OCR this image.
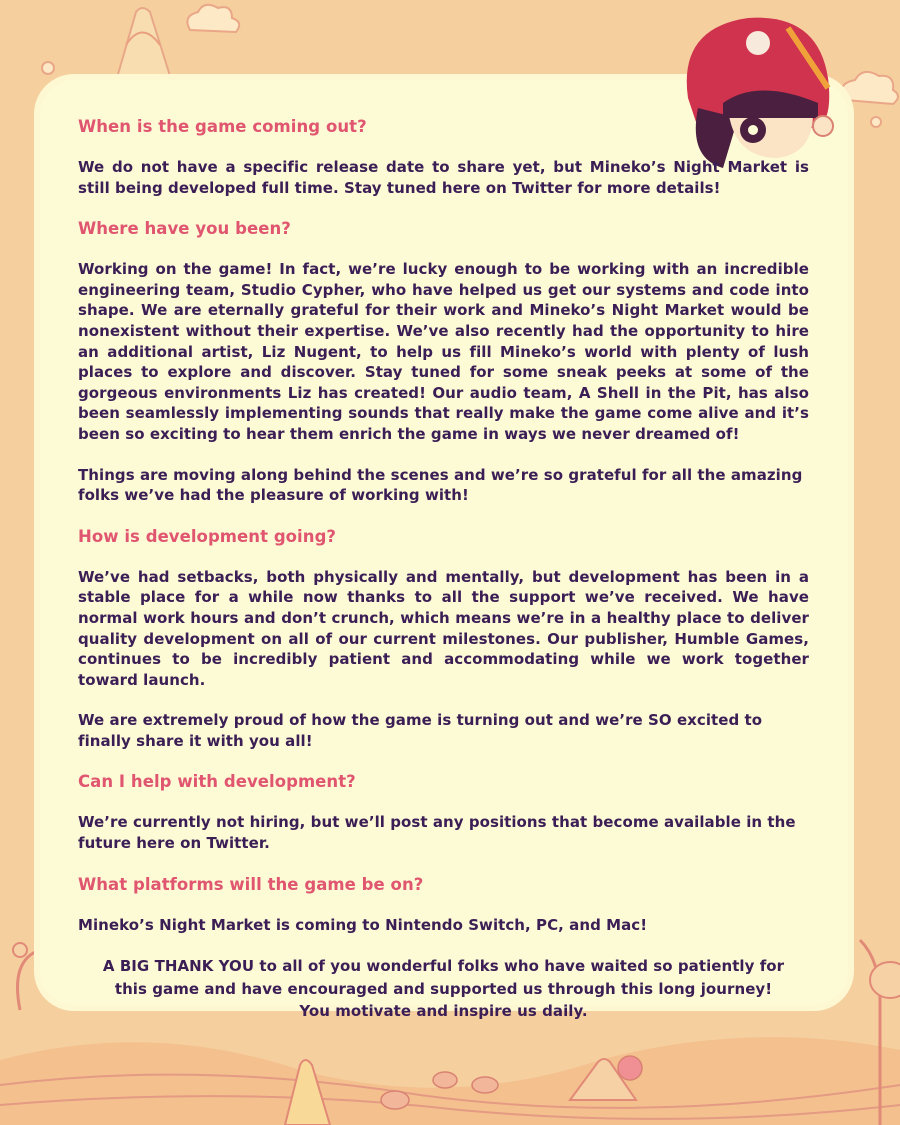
When is the game coming out?
We do not have a specific release date to share yet, but Mineko’s Night Market is still being developed full time. Stay tuned here on Twitter for more details!
Where have you been?
Working on the game! In fact, we’re lucky enough to be working with an incredible engineering team, Studio Cypher, who have helped us get our systems and code into shape. We are eternally grateful for their work and Mineko’s Night Market would be nonexistent without their expertise. We’ve also recently had the opportunity to hire an additional artist, Liz Nugent, to help us fill Mineko’s world with plenty of lush places to explore and discover. Stay tuned for some sneak peeks at some of the gorgeous environments Liz has created! Our audio team, A Shell in the Pit, has also been seamlessly implementing sounds that really make the game come alive and it’s been so exciting to hear them enrich the game in ways we never dreamed of!
Things are moving along behind the scenes and we’re so grateful for all the amazing folks we’ve had the pleasure of working with!
How is development going?
We’ve had setbacks, both physically and mentally, but development has been in a stable place for a while now thanks to all the support we’ve received. We have normal work hours and don’t crunch, which means we’re in a healthy place to deliver quality development on all of our current milestones. Our publisher, Humble Games, continues to be incredibly patient and accommodating while we work together toward launch.
We are extremely proud of how the game is turning out and we’re SO excited to finally share it with you all!
Can I help with development?
We’re currently not hiring, but we’ll post any positions that become available in the future here on Twitter.
What platforms will the game be on?
Mineko’s Night Market is coming to Nintendo Switch, PC, and Mac!
A BIG THANK YOU to all of you wonderful folks who have waited so patiently for this game and have encouraged and supported us through this long journey!
You motivate and inspire us daily.
